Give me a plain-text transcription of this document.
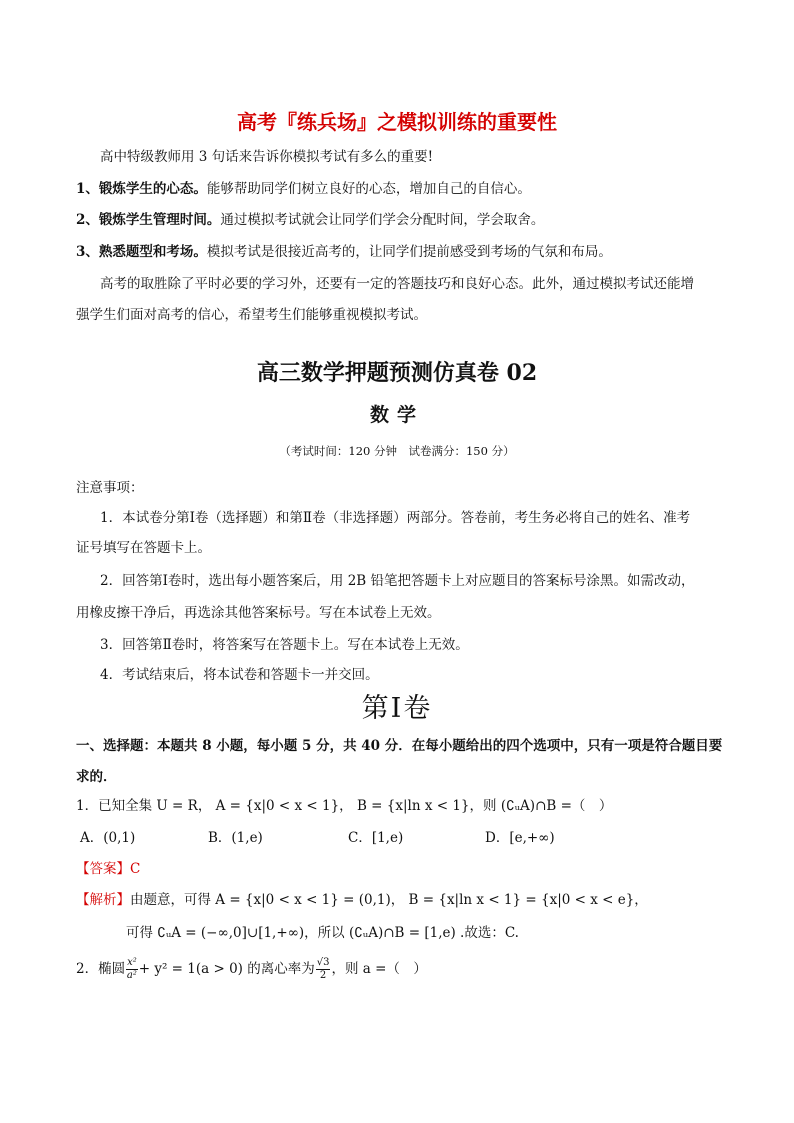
高考『练兵场』之模拟训练的重要性
高中特级教师用 3 句话来告诉你模拟考试有多么的重要!
1、锻炼学生的心态。能够帮助同学们树立良好的心态，增加自己的自信心。
2、锻炼学生管理时间。通过模拟考试就会让同学们学会分配时间，学会取舍。
3、熟悉题型和考场。模拟考试是很接近高考的，让同学们提前感受到考场的气氛和布局。
高考的取胜除了平时必要的学习外，还要有一定的答题技巧和良好心态。此外，通过模拟考试还能增
强学生们面对高考的信心，希望考生们能够重视模拟考试。
高三数学押题预测仿真卷 02
数学
（考试时间：120 分钟　试卷满分：150 分）
注意事项：
1．本试卷分第Ⅰ卷（选择题）和第Ⅱ卷（非选择题）两部分。答卷前，考生务必将自己的姓名、准考
证号填写在答题卡上。
2．回答第Ⅰ卷时，选出每小题答案后，用 2B 铅笔把答题卡上对应题目的答案标号涂黑。如需改动，
用橡皮擦干净后，再选涂其他答案标号。写在本试卷上无效。
3．回答第Ⅱ卷时，将答案写在答题卡上。写在本试卷上无效。
4．考试结束后，将本试卷和答题卡一并交回。
第Ⅰ卷
一、选择题：本题共 8 小题，每小题 5 分，共 40 分．在每小题给出的四个选项中，只有一项是符合题目要
求的．
1．已知全集 U = R， A = {x|0 < x < 1}， B = {x|ln x < 1}，则 (∁ᵤA)∩B =（　）
A．(0,1)	B．(1,e)	C．[1,e)	D．[e,+∞)
【答案】C
【解析】由题意，可得 A = {x|0 < x < 1} = (0,1)， B = {x|ln x < 1} = {x|0 < x < e}，
可得 ∁ᵤA = (−∞,0]∪[1,+∞)，所以 (∁ᵤA)∩B = [1,e) .故选：C.
2．椭圆 $\frac{\text{x²}}{\text{a²}} + y^2 = 1(a > 0)$ 的离心率为 $\frac{√3}{2}$ ，则 a =（　）
